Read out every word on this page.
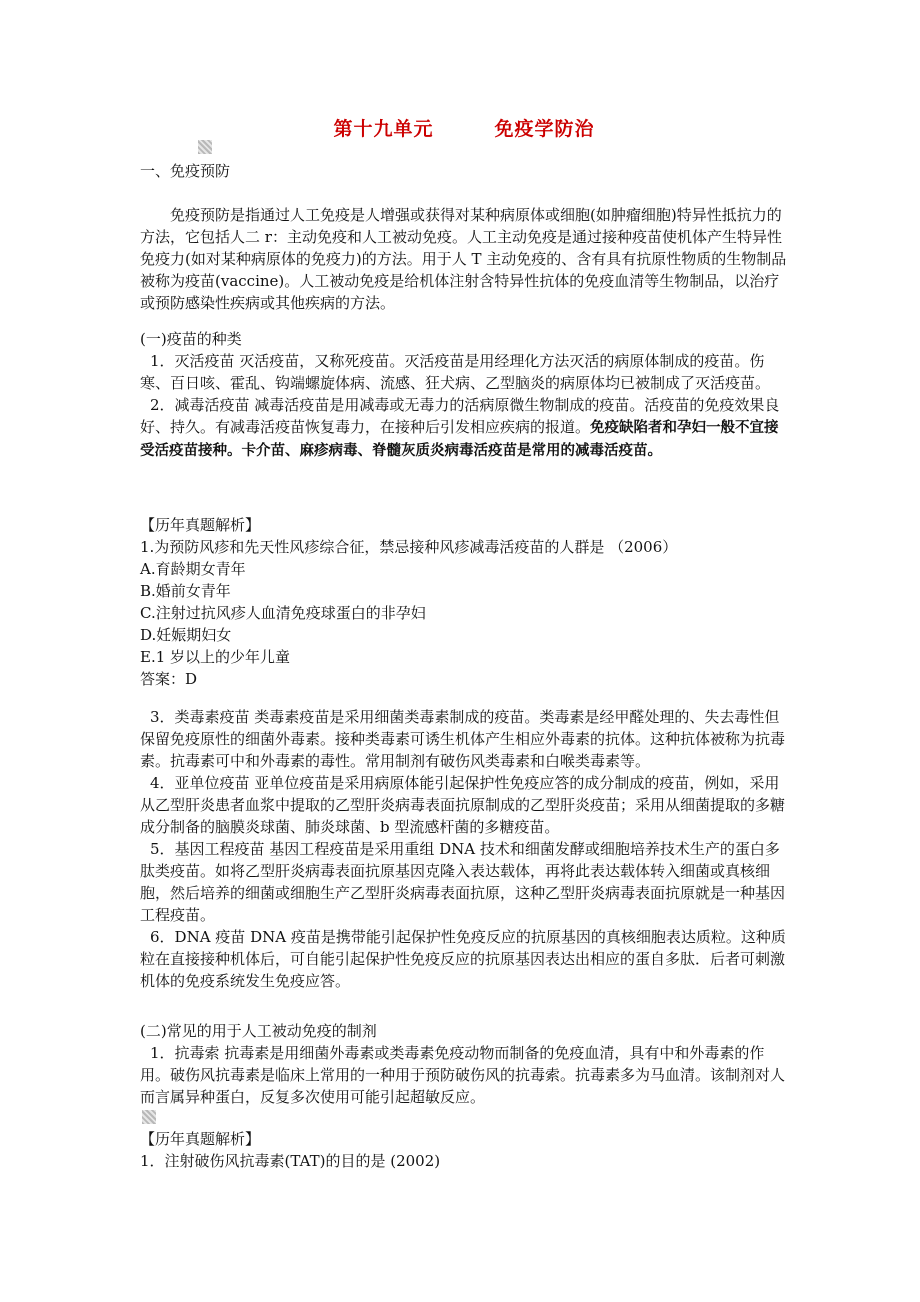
第十九单元        免疫学防治

一、免疫预防

免疫预防是指通过人工免疫是人增强或获得对某种病原体或细胞(如肿瘤细胞)特异性抵抗力的方法，它包括人二 r：主动免疫和人工被动免疫。人工主动免疫是通过接种疫苗使机体产生特异性免疫力(如对某种病原体的免疫力)的方法。用于人 T 主动免疫的、含有具有抗原性物质的生物制品被称为疫苗(vaccine)。人工被动免疫是给机体注射含特异性抗体的免疫血清等生物制品，以治疗或预防感染性疾病或其他疾病的方法。

(一)疫苗的种类

1．灭活疫苗 灭活疫苗，又称死疫苗。灭活疫苗是用经理化方法灭活的病原体制成的疫苗。伤寒、百日咳、霍乱、钩端螺旋体病、流感、狂犬病、乙型脑炎的病原体均已被制成了灭活疫苗。

2．减毒活疫苗 减毒活疫苗是用减毒或无毒力的活病原微生物制成的疫苗。活疫苗的免疫效果良好、持久。有减毒活疫苗恢复毒力，在接种后引发相应疾病的报道。免疫缺陷者和孕妇一般不宜接受活疫苗接种。卡介苗、麻疹病毒、脊髓灰质炎病毒活疫苗是常用的减毒活疫苗。

【历年真题解析】

1.为预防风疹和先天性风疹综合征，禁忌接种风疹减毒活疫苗的人群是 （2006）

A.育龄期女青年

B.婚前女青年

C.注射过抗风疹人血清免疫球蛋白的非孕妇

D.妊娠期妇女

E.1 岁以上的少年儿童

答案：D

3．类毒素疫苗 类毒素疫苗是采用细菌类毒素制成的疫苗。类毒素是经甲醛处理的、失去毒性但保留免疫原性的细菌外毒素。接种类毒素可诱生机体产生相应外毒素的抗体。这种抗体被称为抗毒素。抗毒素可中和外毒素的毒性。常用制剂有破伤风类毒素和白喉类毒素等。

4．亚单位疫苗 亚单位疫苗是采用病原体能引起保护性免疫应答的成分制成的疫苗，例如，采用从乙型肝炎患者血浆中提取的乙型肝炎病毒表面抗原制成的乙型肝炎疫苗；采用从细菌提取的多糖成分制备的脑膜炎球菌、肺炎球菌、b 型流感杆菌的多糖疫苗。

5．基因工程疫苗 基因工程疫苗是采用重组 DNA 技术和细菌发酵或细胞培养技术生产的蛋白多肽类疫苗。如将乙型肝炎病毒表面抗原基因克隆入表达载体，再将此表达载体转入细菌或真核细胞，然后培养的细菌或细胞生产乙型肝炎病毒表面抗原，这种乙型肝炎病毒表面抗原就是一种基因工程疫苗。

6．DNA 疫苗 DNA 疫苗是携带能引起保护性免疫反应的抗原基因的真核细胞表达质粒。这种质粒在直接接种机体后，可自能引起保护性免疫反应的抗原基因表达出相应的蛋自多肽．后者可刺激机体的免疫系统发生免疫应答。

(二)常见的用于人工被动免疫的制剂

1．抗毒索 抗毒素是用细菌外毒素或类毒素免疫动物而制备的免疫血清，具有中和外毒素的作用。破伤风抗毒素是临床上常用的一种用于预防破伤风的抗毒索。抗毒素多为马血清。该制剂对人而言属异种蛋白，反复多次使用可能引起超敏反应。

【历年真题解析】

1．注射破伤风抗毒素(TAT)的目的是 (2002)
